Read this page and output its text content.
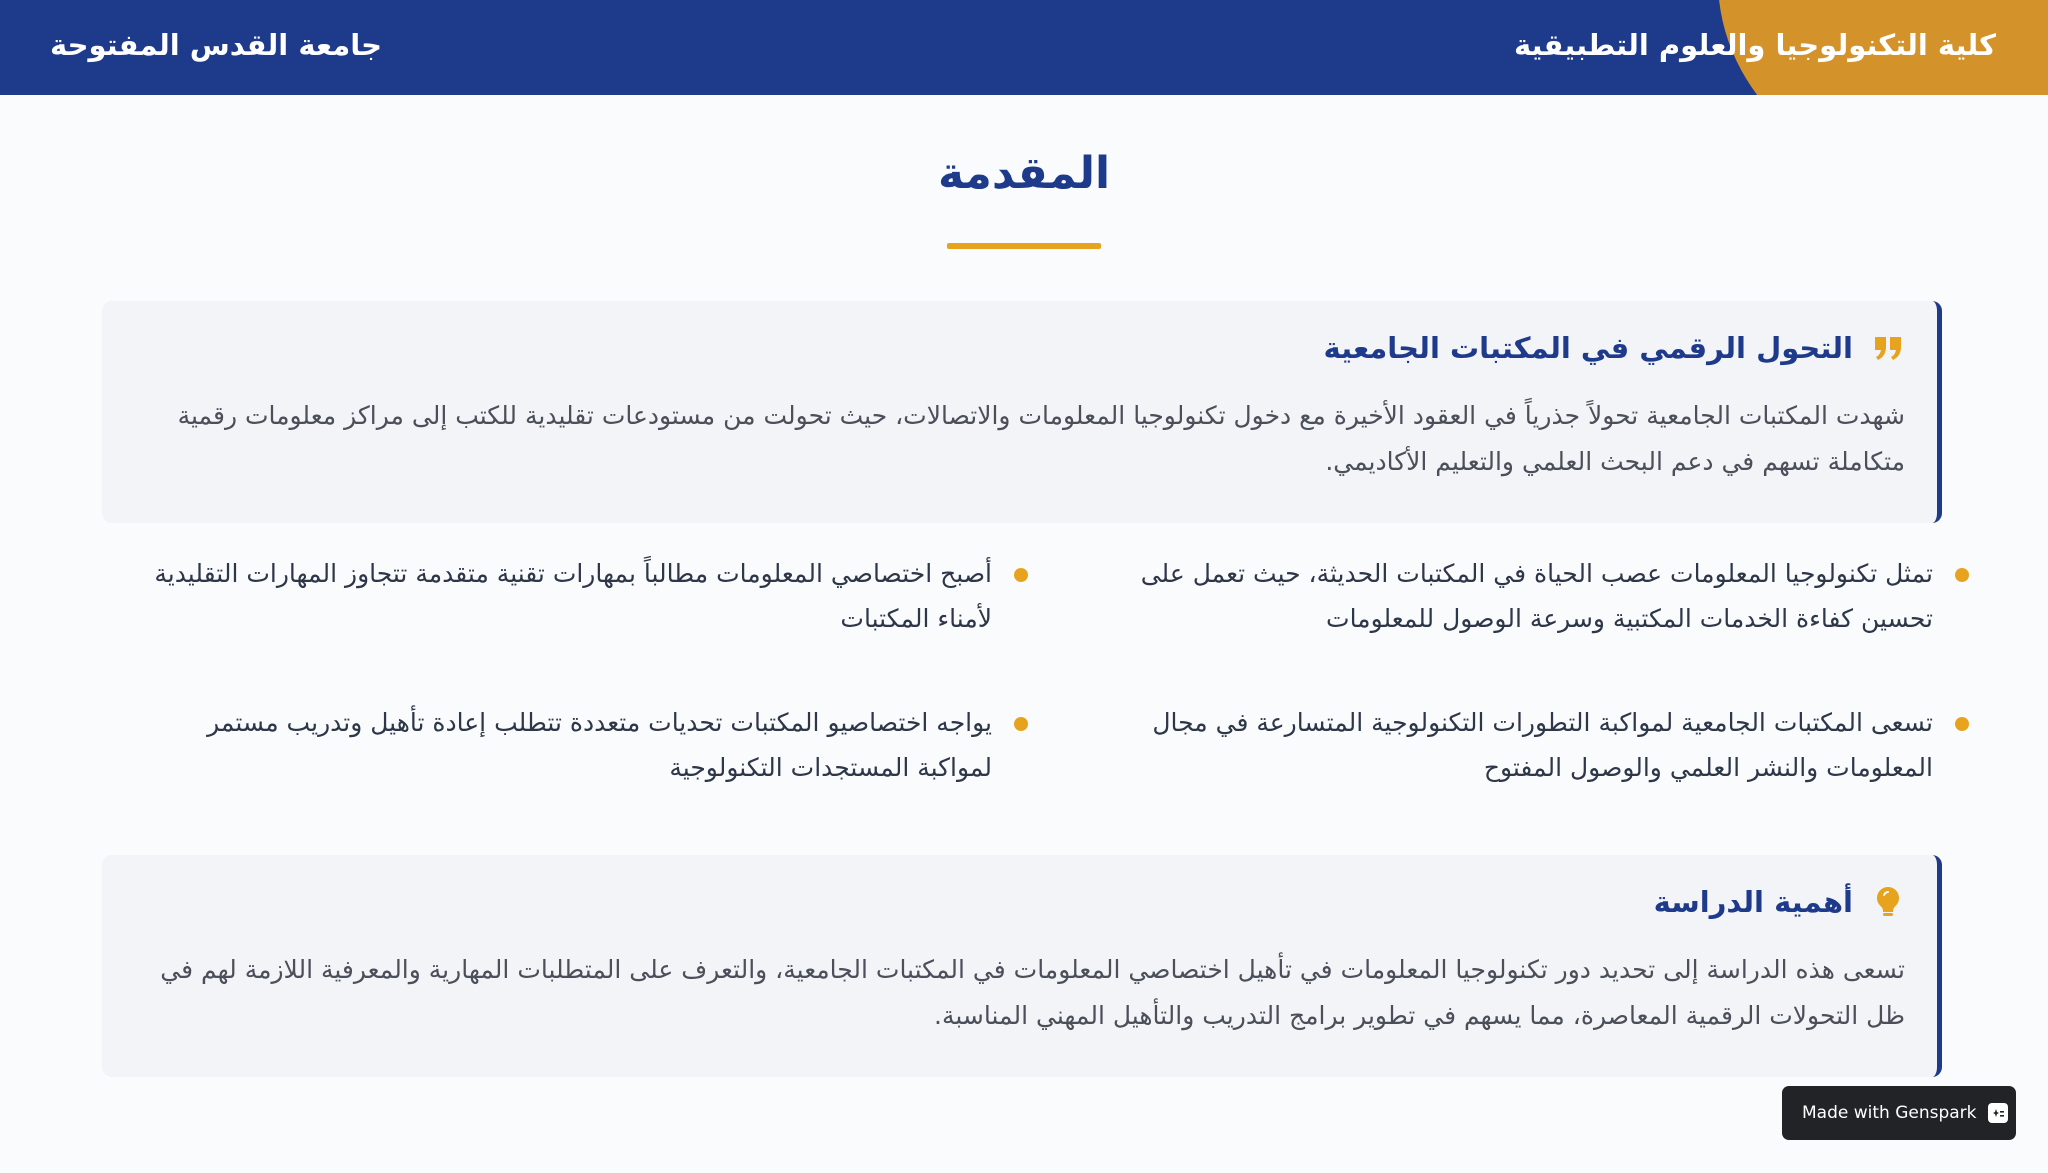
كلية التكنولوجيا والعلوم التطبيقية
جامعة القدس المفتوحة
المقدمة
التحول الرقمي في المكتبات الجامعية
شهدت المكتبات الجامعية تحولاً جذرياً في العقود الأخيرة مع دخول تكنولوجيا المعلومات والاتصالات، حيث تحولت من مستودعات تقليدية للكتب إلى مراكز معلومات رقمية متكاملة تسهم في دعم البحث العلمي والتعليم الأكاديمي.
تمثل تكنولوجيا المعلومات عصب الحياة في المكتبات الحديثة، حيث تعمل على تحسين كفاءة الخدمات المكتبية وسرعة الوصول للمعلومات
أصبح اختصاصي المعلومات مطالباً بمهارات تقنية متقدمة تتجاوز المهارات التقليدية لأمناء المكتبات
تسعى المكتبات الجامعية لمواكبة التطورات التكنولوجية المتسارعة في مجال المعلومات والنشر العلمي والوصول المفتوح
يواجه اختصاصيو المكتبات تحديات متعددة تتطلب إعادة تأهيل وتدريب مستمر لمواكبة المستجدات التكنولوجية
أهمية الدراسة
تسعى هذه الدراسة إلى تحديد دور تكنولوجيا المعلومات في تأهيل اختصاصي المعلومات في المكتبات الجامعية، والتعرف على المتطلبات المهارية والمعرفية اللازمة لهم في ظل التحولات الرقمية المعاصرة، مما يسهم في تطوير برامج التدريب والتأهيل المهني المناسبة.
Made with Genspark
